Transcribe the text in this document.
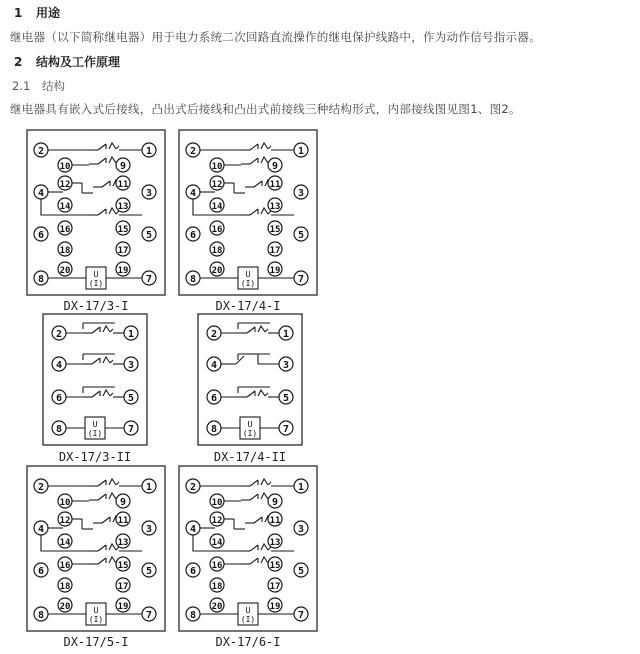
1 用途
继电器（以下简称继电器）用于电力系统二次回路直流操作的继电保护线路中，作为动作信号指示器。
2 结构及工作原理
2.1 结构
继电器具有嵌入式后接线，凸出式后接线和凸出式前接线三种结构形式，内部接线图见图1、图2。
U
(I)
2	1
10	9
12	11
4	3
14	13
6	5
16	15
18	17
20	19
8	7
DX-17/3-I
U
(I)
2	1
10	9
12	11
4	3
14	13
6	5
16	15
18	17
20	19
8	7
DX-17/4-I
U
(I)
2	1
4	3
6	5
8	7
DX-17/3-II
U
(I)
2	1
4	3
6	5
8	7
DX-17/4-II
U
(I)
2	1
10	9
12	11
4	3
14	13
6	5
16	15
18	17
20	19
8	7
DX-17/5-I
U
(I)
2	1
10	9
12	11
4	3
14	13
6	5
16	15
18	17
20	19
8	7
DX-17/6-I
